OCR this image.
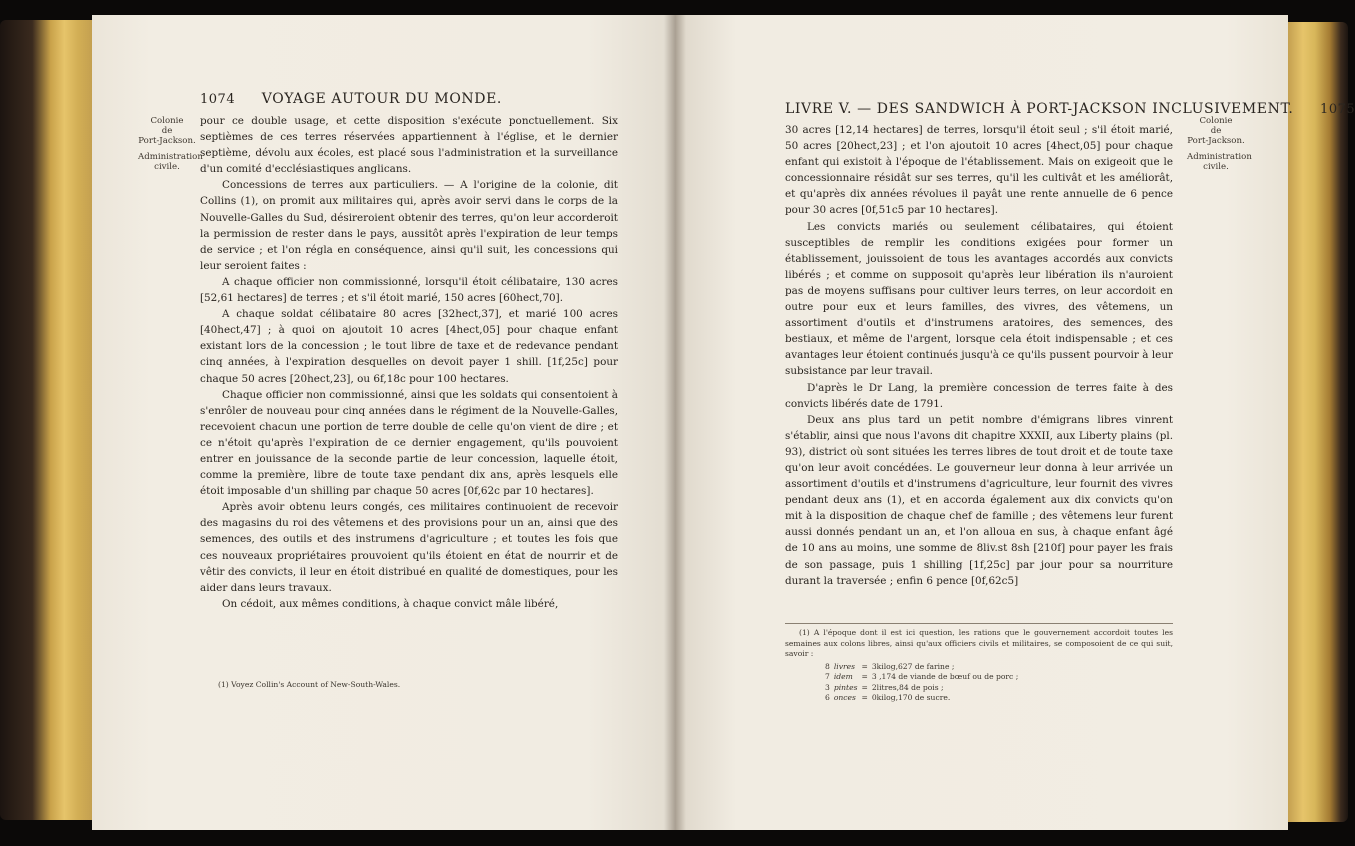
1074 VOYAGE AUTOUR DU MONDE.
Colonie
de

Port-Jackson.
Administration
civile.

pour ce double usage, et cette disposition s'exécute ponctuellement. Six septièmes de ces terres réservées appartiennent à l'église, et le dernier septième, dévolu aux écoles, est placé sous l'administration et la surveillance d'un comité d'ecclésiastiques anglicans.

Concessions de terres aux particuliers. — A l'origine de la colonie, dit Collins (1), on promit aux militaires qui, après avoir servi dans le corps de la Nouvelle-Galles du Sud, désireroient obtenir des terres, qu'on leur accorderoit la permission de rester dans le pays, aussitôt après l'expiration de leur temps de service ; et l'on régla en conséquence, ainsi qu'il suit, les concessions qui leur seroient faites :

A chaque officier non commissionné, lorsqu'il étoit célibataire, 130 acres [52,61 hectares] de terres ; et s'il étoit marié, 150 acres [60hect,70].

A chaque soldat célibataire 80 acres [32hect,37], et marié 100 acres [40hect,47] ; à quoi on ajoutoit 10 acres [4hect,05] pour chaque enfant existant lors de la concession ; le tout libre de taxe et de redevance pendant cinq années, à l'expiration desquelles on devoit payer 1 shill. [1f,25c] pour chaque 50 acres [20hect,23], ou 6f,18c pour 100 hectares.

Chaque officier non commissionné, ainsi que les soldats qui consentoient à s'enrôler de nouveau pour cinq années dans le régiment de la Nouvelle-Galles, recevoient chacun une portion de terre double de celle qu'on vient de dire ; et ce n'étoit qu'après l'expiration de ce dernier engagement, qu'ils pouvoient entrer en jouissance de la seconde partie de leur concession, laquelle étoit, comme la première, libre de toute taxe pendant dix ans, après lesquels elle étoit imposable d'un shilling par chaque 50 acres [0f,62c par 10 hectares].

Après avoir obtenu leurs congés, ces militaires continuoient de recevoir des magasins du roi des vêtemens et des provisions pour un an, ainsi que des semences, des outils et des instrumens d'agriculture ; et toutes les fois que ces nouveaux propriétaires prouvoient qu'ils étoient en état de nourrir et de vêtir des convicts, il leur en étoit distribué en qualité de domestiques, pour les aider dans leurs travaux.

On cédoit, aux mêmes conditions, à chaque convict mâle libéré,

(1) Voyez Collin's Account of New-South-Wales.

LIVRE V. — DES SANDWICH À PORT-JACKSON INCLUSIVEMENT. 1075
Colonie
de

Port-Jackson.
Administration
civile.

30 acres [12,14 hectares] de terres, lorsqu'il étoit seul ; s'il étoit marié, 50 acres [20hect,23] ; et l'on ajoutoit 10 acres [4hect,05] pour chaque enfant qui existoit à l'époque de l'établissement. Mais on exigeoit que le concessionnaire résidât sur ses terres, qu'il les cultivât et les améliorât, et qu'après dix années révolues il payât une rente annuelle de 6 pence pour 30 acres [0f,51c5 par 10 hectares].

Les convicts mariés ou seulement célibataires, qui étoient susceptibles de remplir les conditions exigées pour former un établissement, jouissoient de tous les avantages accordés aux convicts libérés ; et comme on supposoit qu'après leur libération ils n'auroient pas de moyens suffisans pour cultiver leurs terres, on leur accordoit en outre pour eux et leurs familles, des vivres, des vêtemens, un assortiment d'outils et d'instrumens aratoires, des semences, des bestiaux, et même de l'argent, lorsque cela étoit indispensable ; et ces avantages leur étoient continués jusqu'à ce qu'ils pussent pourvoir à leur subsistance par leur travail.

D'après le Dr Lang, la première concession de terres faite à des convicts libérés date de 1791.

Deux ans plus tard un petit nombre d'émigrans libres vinrent s'établir, ainsi que nous l'avons dit chapitre XXXII, aux Liberty plains (pl. 93), district où sont situées les terres libres de tout droit et de toute taxe qu'on leur avoit concédées. Le gouverneur leur donna à leur arrivée un assortiment d'outils et d'instrumens d'agriculture, leur fournit des vivres pendant deux ans (1), et en accorda également aux dix convicts qu'on mit à la disposition de chaque chef de famille ; des vêtemens leur furent aussi donnés pendant un an, et l'on alloua en sus, à chaque enfant âgé de 10 ans au moins, une somme de 8liv.st 8sh [210f] pour payer les frais de son passage, puis 1 shilling [1f,25c] par jour pour sa nourriture durant la traversée ; enfin 6 pence [0f,62c5]

(1) A l'époque dont il est ici question, les rations que le gouvernement accordoit toutes les semaines aux colons libres, ainsi qu'aux officiers civils et militaires, se composoient de ce qui suit, savoir :

8	livres	=	3kilog,627 de farine ;
7	idem	=	3 ,174 de viande de bœuf ou de porc ;
3	pintes	=	2litres,84 de pois ;
6	onces	=	0kilog,170 de sucre.
